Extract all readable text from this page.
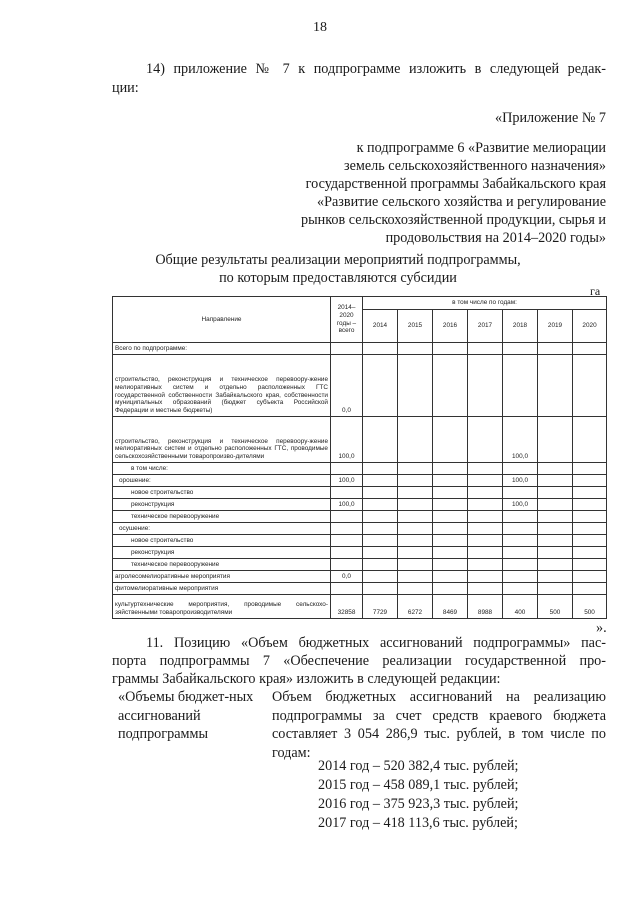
18
14) приложение № 7 к подпрограмме изложить в следующей редак-
ции:
«Приложение № 7
к подпрограмме 6 «Развитие мелиорации
земель сельскохозяйственного назначения»
государственной программы Забайкальского края
«Развитие сельского хозяйства и регулирование
рынков сельскохозяйственной продукции, сырья и
продовольствия на 2014–2020 годы»
Общие результаты реализации мероприятий подпрограммы,
по которым предоставляются субсидии
га
Направление	2014–2020 годы – всего	в том числе по годам:						
		2014	2015	2016	2017	2018	2019	2020
Всего по подпрограмме:								
строительство, реконструкция и техническое перевоору-жение мелиоративных систем и отдельно расположенных ГТС государственной собственности Забайкальского края, собственности муниципальных образований (бюджет субъекта Российской Федерации и местные бюджеты)	0,0							
строительство, реконструкция и техническое перевоору-жение мелиоративных систем и отдельно расположенных ГТС, проводимые сельскохозяйственными товаропроизво-дителями	100,0					100,0		
в том числе:								
орошение:	100,0					100,0		
новое строительство								
реконструкция	100,0					100,0		
техническое перевооружение								
осушение:								
новое строительство								
реконструкция								
техническое перевооружение								
агролесомелиоративные мероприятия	0,0							
фитомелиоративные мероприятия								
культуртехнические мероприятия, проводимые сельскохо-зяйственными товаропроизводителями	32858	7729	6272	8469	8988	400	500	500
».
11. Позицию «Объем бюджетных ассигнований подпрограммы» пас-
порта подпрограммы 7 «Обеспечение реализации государственной про-
граммы Забайкальского края» изложить в следующей редакции:
«Объемы бюджет-ных ассигнований подпрограммы
Объем бюджетных ассигнований на реализацию подпрограммы за счет средств краевого бюджета составляет 3 054 286,9 тыс. рублей, в том числе по годам:
2014 год – 520 382,4 тыс. рублей;
2015 год – 458 089,1 тыс. рублей;
2016 год – 375 923,3 тыс. рублей;
2017 год – 418 113,6 тыс. рублей;
